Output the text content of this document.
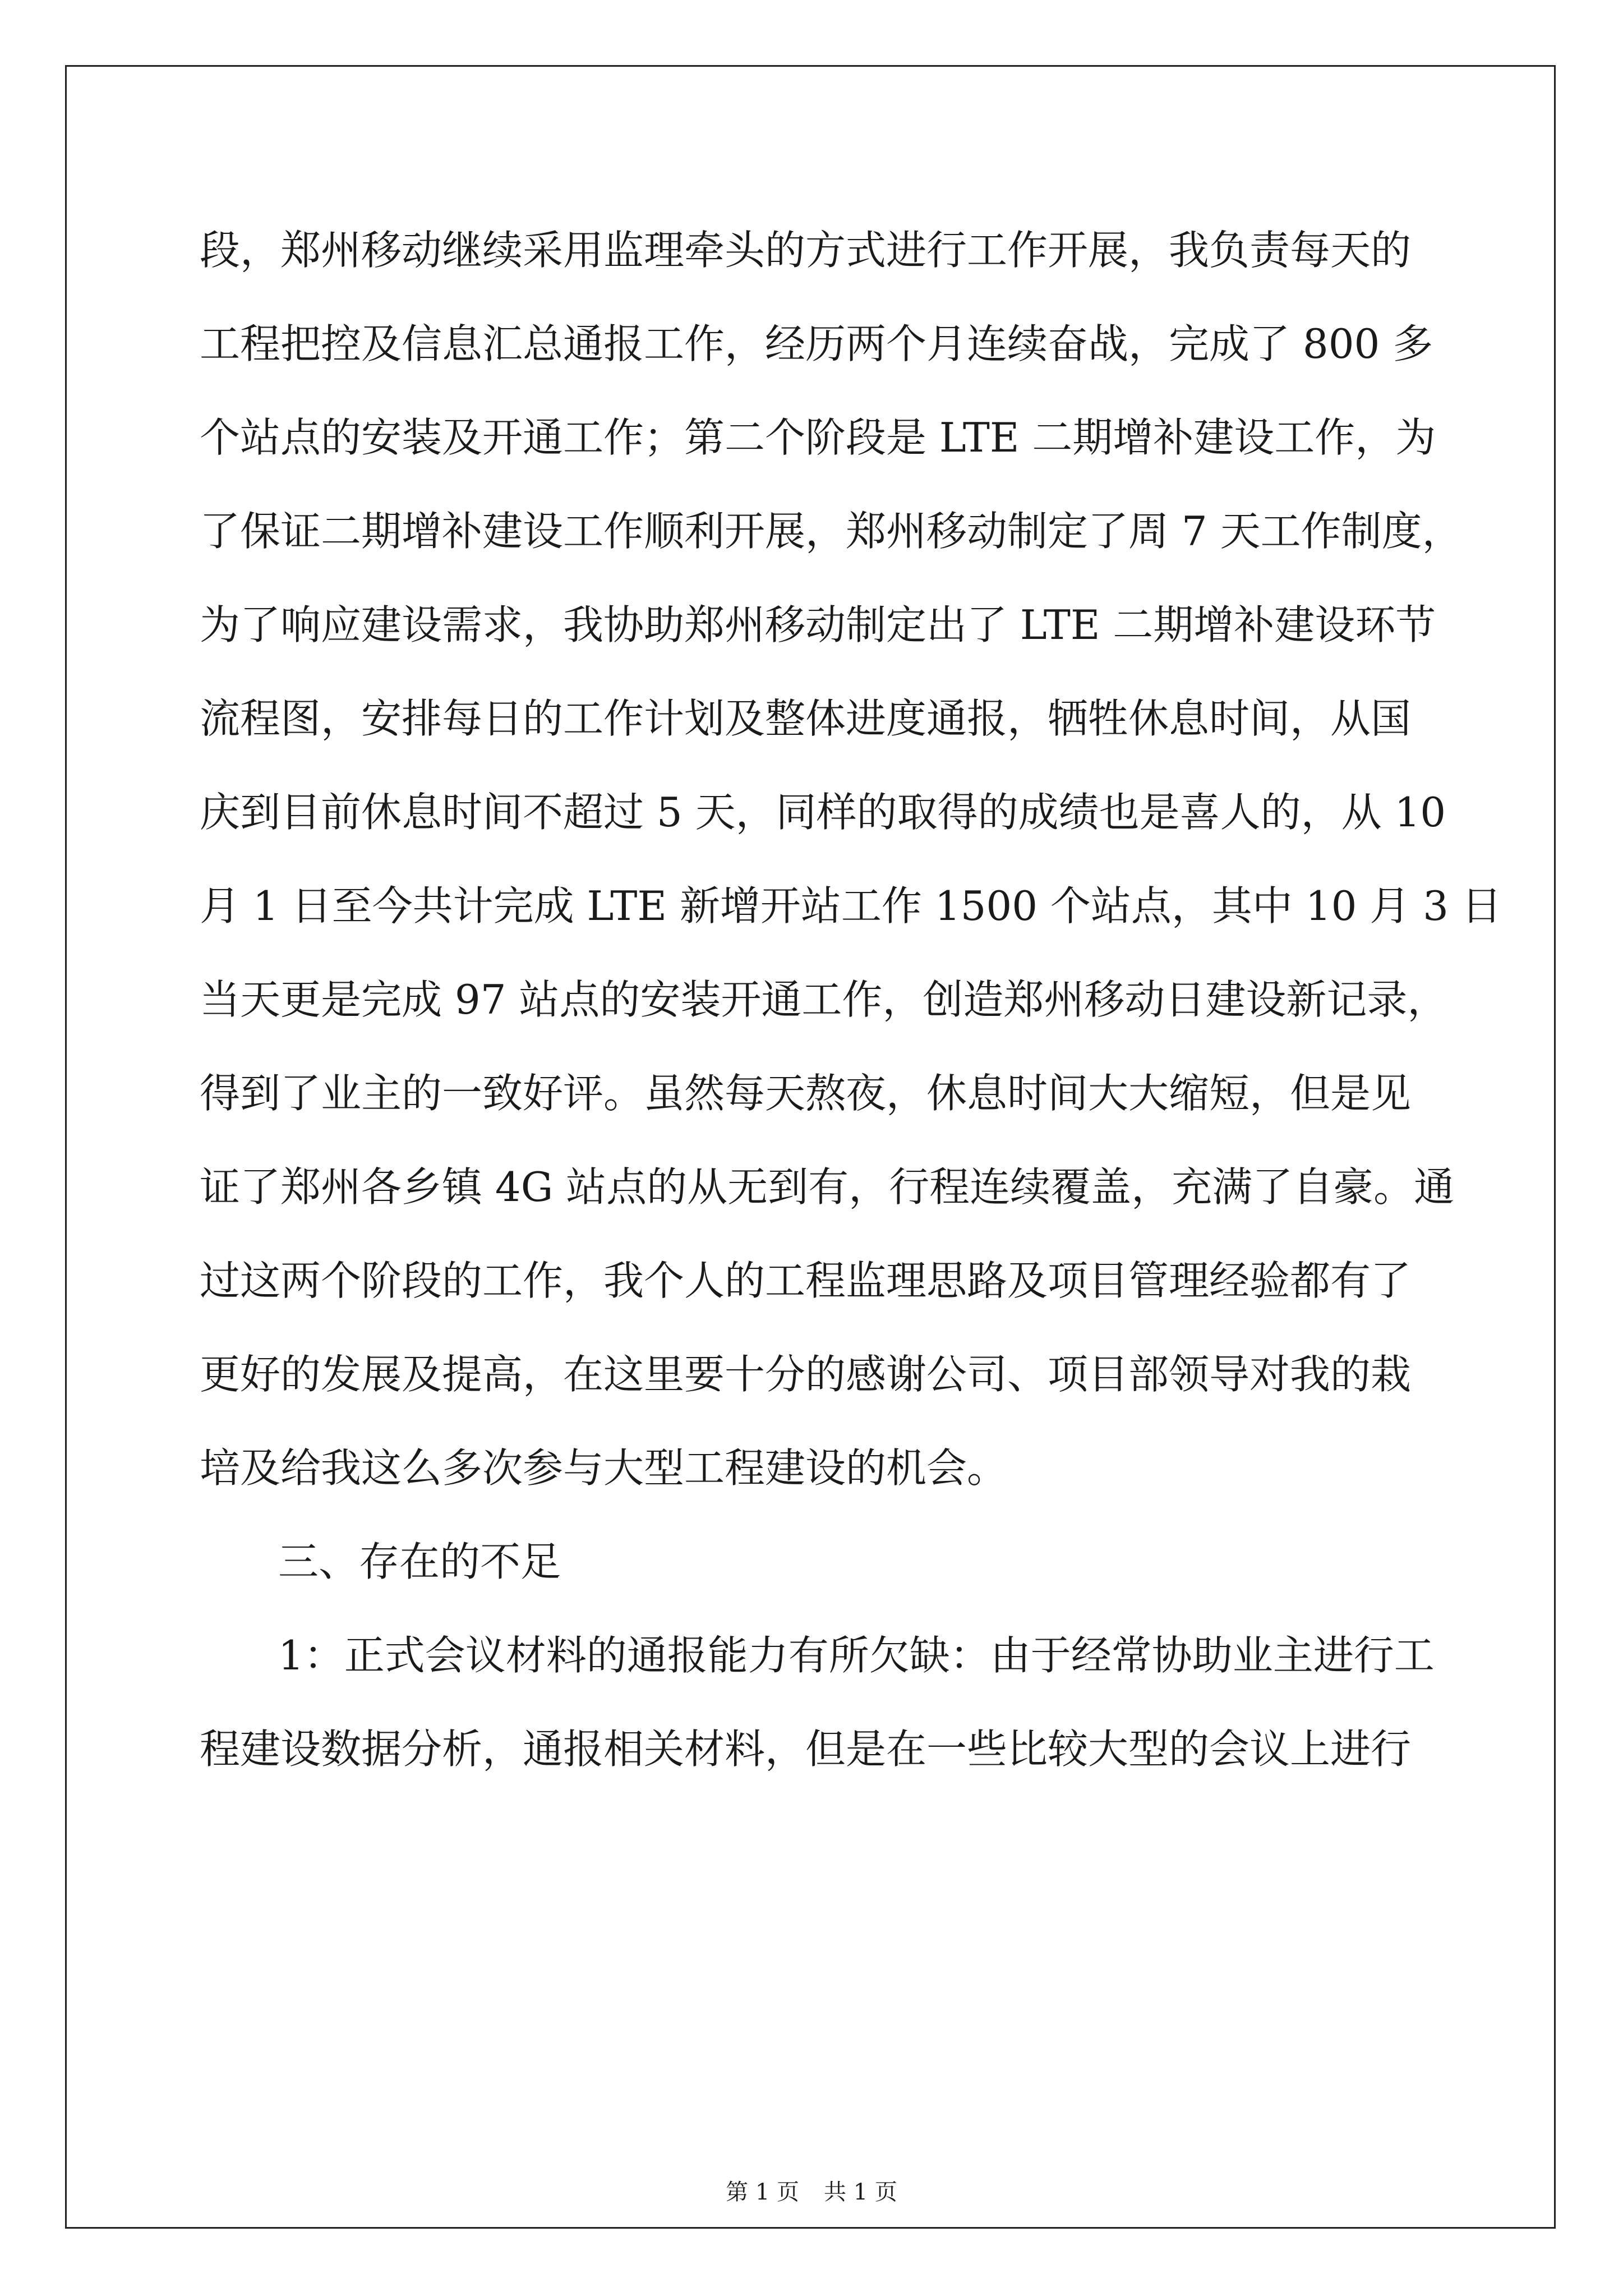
段，郑州移动继续采用监理牵头的方式进行工作开展，我负责每天的
工程把控及信息汇总通报工作，经历两个月连续奋战，完成了 800 多
个站点的安装及开通工作；第二个阶段是 LTE 二期增补建设工作，为
了保证二期增补建设工作顺利开展，郑州移动制定了周 7 天工作制度，
为了响应建设需求，我协助郑州移动制定出了 LTE 二期增补建设环节
流程图，安排每日的工作计划及整体进度通报，牺牲休息时间，从国
庆到目前休息时间不超过 5 天，同样的取得的成绩也是喜人的，从 10
月 1 日至今共计完成 LTE 新增开站工作 1500 个站点，其中 10 月 3 日
当天更是完成 97 站点的安装开通工作，创造郑州移动日建设新记录，
得到了业主的一致好评。虽然每天熬夜，休息时间大大缩短，但是见
证了郑州各乡镇 4G 站点的从无到有，行程连续覆盖，充满了自豪。通
过这两个阶段的工作，我个人的工程监理思路及项目管理经验都有了
更好的发展及提高，在这里要十分的感谢公司、项目部领导对我的栽
培及给我这么多次参与大型工程建设的机会。
三、存在的不足
1：正式会议材料的通报能力有所欠缺：由于经常协助业主进行工
程建设数据分析，通报相关材料，但是在一些比较大型的会议上进行
第 1 页 共 1 页
